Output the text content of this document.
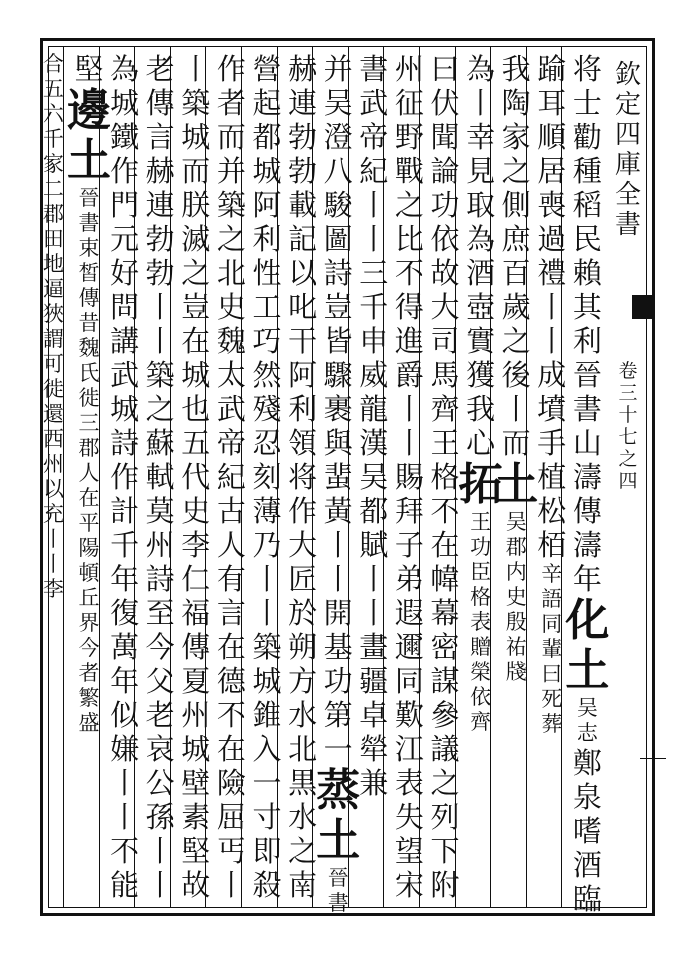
欽
定
四
庫
全
書
卷
三
十
七
之
四
将
士
勸
種
稻
民
賴
其
利
晉
書
山
濤
傳
濤
年
化
土
吴
志
鄭
泉
嗜
酒
臨
踰
耳
順
居
喪
過
禮
丨
丨
成
墳
手
植
松
栢
辛
語
同
輩
曰
死
葬
我
陶
家
之
側
庶
百
歲
之
後
丨
而
土
吴
郡
内
史
殷
祐
牋
為
丨
幸
見
取
為
酒
壺
實
獲
我
心
拓
王
功
臣
格
表
贈
榮
依
齊
曰
伏
聞
論
功
依
故
大
司
馬
齊
王
格
不
在
幃
幕
密
謀
參
議
之
列
下
附
州
征
野
戰
之
比
不
得
進
爵
丨
丨
賜
拜
子
弟
遐
邇
同
歎
江
表
失
望
宋
書
武
帝
紀
丨
丨
三
千
申
威
龍
漢
吴
都
賦
丨
丨
畫
疆
卓
犖
兼
并
吴
澄
八
駿
圖
詩
豈
皆
驟
裹
與
蜚
黃
丨
丨
開
基
功
第
一
蒸
土
晉
書
赫
連
勃
勃
載
記
以
叱
干
阿
利
領
将
作
大
匠
於
朔
方
水
北
黒
水
之
南
營
起
都
城
阿
利
性
工
巧
然
殘
忍
刻
薄
乃
丨
丨
築
城
錐
入
一
寸
即
殺
作
者
而
并
築
之
北
史
魏
太
武
帝
紀
古
人
有
言
在
德
不
在
險
屈
丐
丨
丨
築
城
而
朕
滅
之
豈
在
城
也
五
代
史
李
仁
福
傳
夏
州
城
壁
素
堅
故
老
傳
言
赫
連
勃
勃
丨
丨
築
之
蘇
軾
莫
州
詩
至
今
父
老
哀
公
孫
丨
丨
為
城
鐵
作
門
元
好
問
講
武
城
詩
作
計
千
年
復
萬
年
似
嫌
丨
丨
不
能
堅
邊
土
晉
書
束
皙
傳
昔
魏
氏
徙
三
郡
人
在
平
陽
頓
丘
界
今
者
繁
盛
合
五
六
千
家
二
郡
田
地
逼
狹
謂
可
徙
還
西
州
以
充
丨
丨
李
